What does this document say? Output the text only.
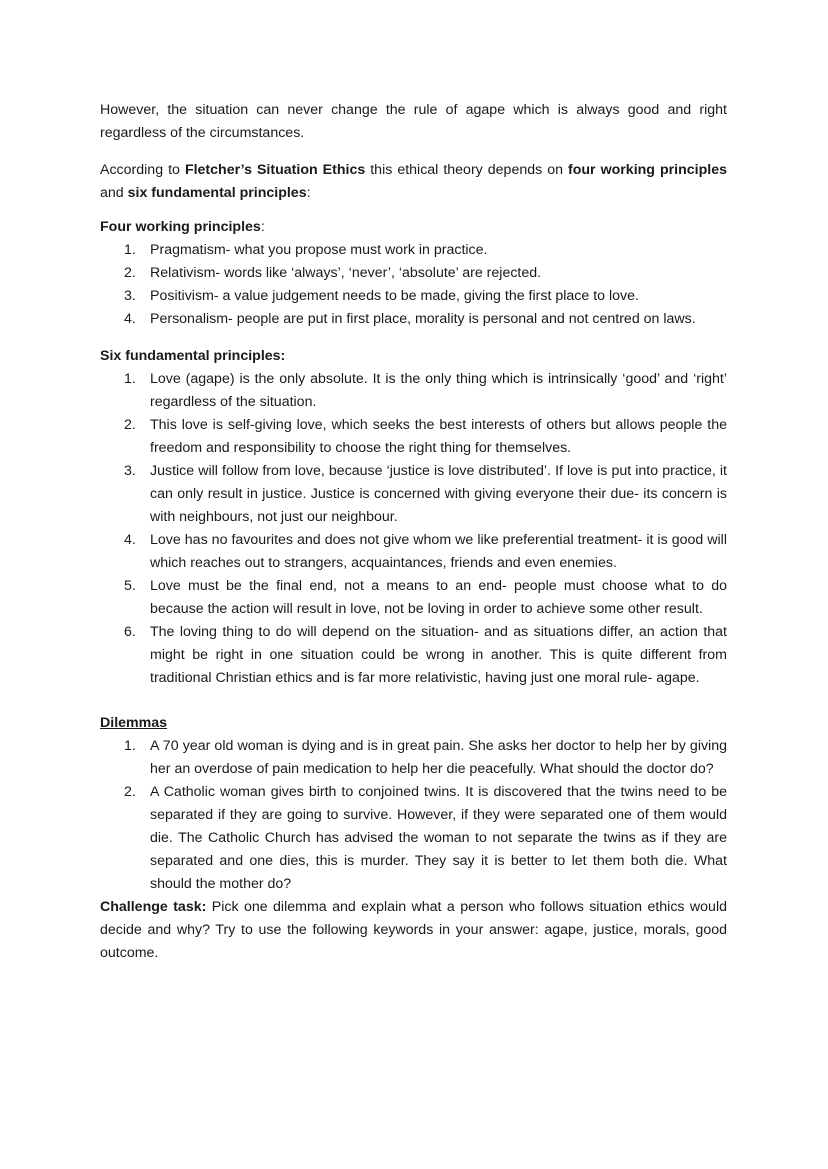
However, the situation can never change the rule of agape which is always good and right regardless of the circumstances.

According to Fletcher’s Situation Ethics this ethical theory depends on four working principles and six fundamental principles:

Four working principles:

1. Pragmatism- what you propose must work in practice.
2. Relativism- words like ‘always’, ‘never’, ‘absolute’ are rejected.
3. Positivism- a value judgement needs to be made, giving the first place to love.
4. Personalism- people are put in first place, morality is personal and not centred on laws.

Six fundamental principles:

1. Love (agape) is the only absolute. It is the only thing which is intrinsically ‘good’ and ‘right’ regardless of the situation.
2. This love is self-giving love, which seeks the best interests of others but allows people the freedom and responsibility to choose the right thing for themselves.
3. Justice will follow from love, because ‘justice is love distributed’. If love is put into practice, it can only result in justice. Justice is concerned with giving everyone their due- its concern is with neighbours, not just our neighbour.
4. Love has no favourites and does not give whom we like preferential treatment- it is good will which reaches out to strangers, acquaintances, friends and even enemies.
5. Love must be the final end, not a means to an end- people must choose what to do because the action will result in love, not be loving in order to achieve some other result.
6. The loving thing to do will depend on the situation- and as situations differ, an action that might be right in one situation could be wrong in another. This is quite different from traditional Christian ethics and is far more relativistic, having just one moral rule- agape.

Dilemmas

1. A 70 year old woman is dying and is in great pain. She asks her doctor to help her by giving her an overdose of pain medication to help her die peacefully. What should the doctor do?
2. A Catholic woman gives birth to conjoined twins. It is discovered that the twins need to be separated if they are going to survive. However, if they were separated one of them would die. The Catholic Church has advised the woman to not separate the twins as if they are separated and one dies, this is murder. They say it is better to let them both die. What should the mother do?

Challenge task: Pick one dilemma and explain what a person who follows situation ethics would decide and why? Try to use the following keywords in your answer: agape, justice, morals, good outcome.
